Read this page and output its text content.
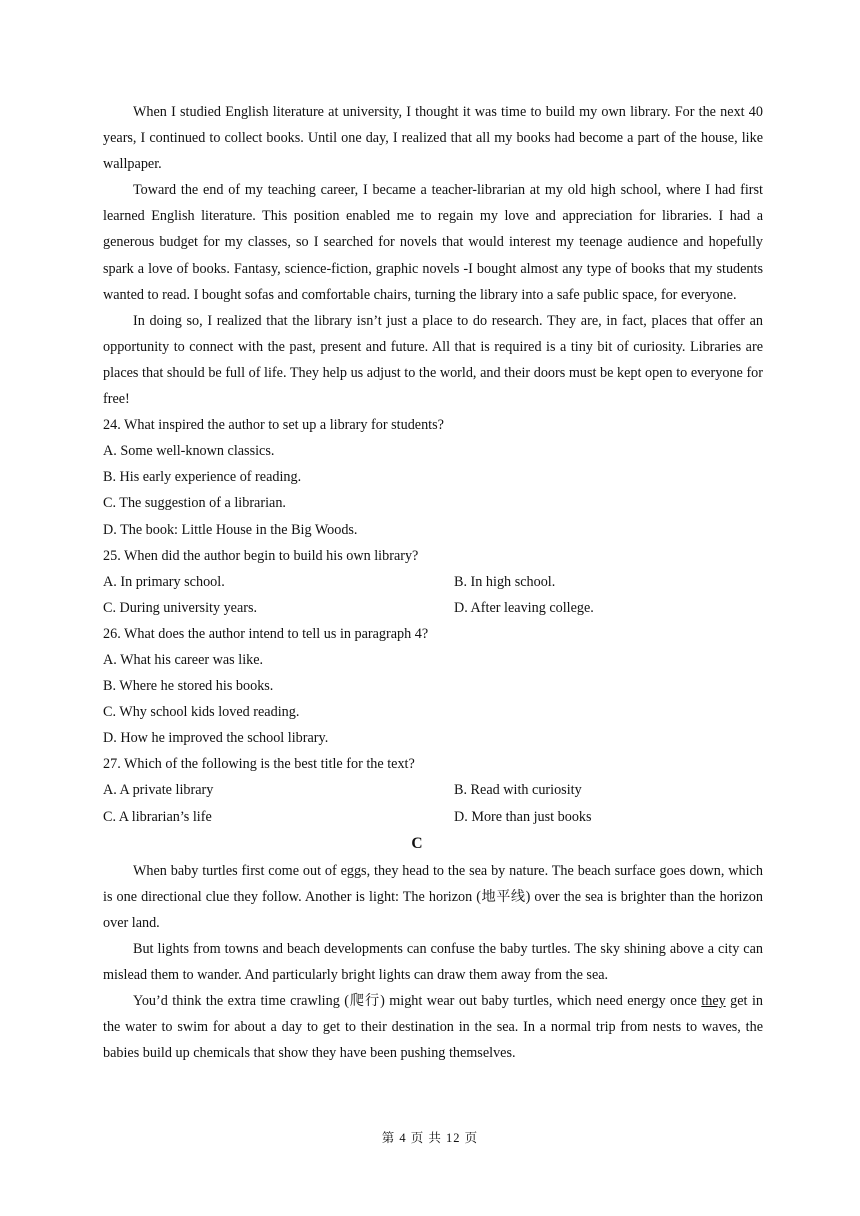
When I studied English literature at university, I thought it was time to build my own library. For the next 40 years, I continued to collect books. Until one day, I realized that all my books had become a part of the house, like wallpaper.

Toward the end of my teaching career, I became a teacher-librarian at my old high school, where I had first learned English literature. This position enabled me to regain my love and appreciation for libraries. I had a generous budget for my classes, so I searched for novels that would interest my teenage audience and hopefully spark a love of books. Fantasy, science-fiction, graphic novels -I bought almost any type of books that my students wanted to read. I bought sofas and comfortable chairs, turning the library into a safe public space, for everyone.

In doing so, I realized that the library isn’t just a place to do research. They are, in fact, places that offer an opportunity to connect with the past, present and future. All that is required is a tiny bit of curiosity. Libraries are places that should be full of life. They help us adjust to the world, and their doors must be kept open to everyone for free!

24. What inspired the author to set up a library for students?

A. Some well-known classics.

B. His early experience of reading.

C. The suggestion of a librarian.

D. The book: Little House in the Big Woods.

25. When did the author begin to build his own library?

A. In primary school.	B. In high school.
C. During university years.	D. After leaving college.

26. What does the author intend to tell us in paragraph 4?

A. What his career was like.

B. Where he stored his books.

C. Why school kids loved reading.

D. How he improved the school library.

27. Which of the following is the best title for the text?

A. A private library	B. Read with curiosity
C. A librarian’s life	D. More than just books

C

When baby turtles first come out of eggs, they head to the sea by nature. The beach surface goes down, which is one directional clue they follow. Another is light: The horizon (地平线) over the sea is brighter than the horizon over land.

But lights from towns and beach developments can confuse the baby turtles. The sky shining above a city can mislead them to wander. And particularly bright lights can draw them away from the sea.

You’d think the extra time crawling (爬行) might wear out baby turtles, which need energy once they get in the water to swim for about a day to get to their destination in the sea. In a normal trip from nests to waves, the babies build up chemicals that show they have been pushing themselves.

第 4 页 共 12 页
